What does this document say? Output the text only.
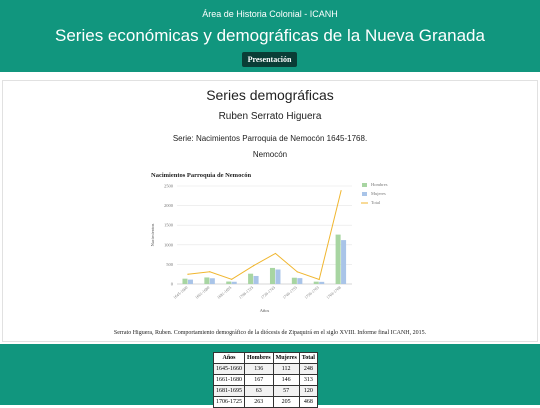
Área de Historia Colonial - ICANH
Series económicas y demográficas de la Nueva Granada
Presentación
Series demográficas
Ruben Serrato Higuera
Serie: Nacimientos Parroquia de Nemocón 1645-1768.
Nemocón
Nacimientos Parroquia de Nemocón
0
500
1000
1500
2000
2500
Nacimientos
Años
1645-1660 1661-1680 1681-1695 1706-1725 1726-1745 1746-1755 1756-1763 1764-1768
Hombres
Mujeres
Total
Serrato Higuera, Ruben. Comportamiento demográfico de la diócesis de Zipaquirá en el siglo XVIII. Informe final ICANH, 2015.
Años	Hombres	Mujeres	Total
1645-1660	136	112	248
1661-1680	167	146	313
1681-1695	63	57	120
1706-1725	263	205	468
